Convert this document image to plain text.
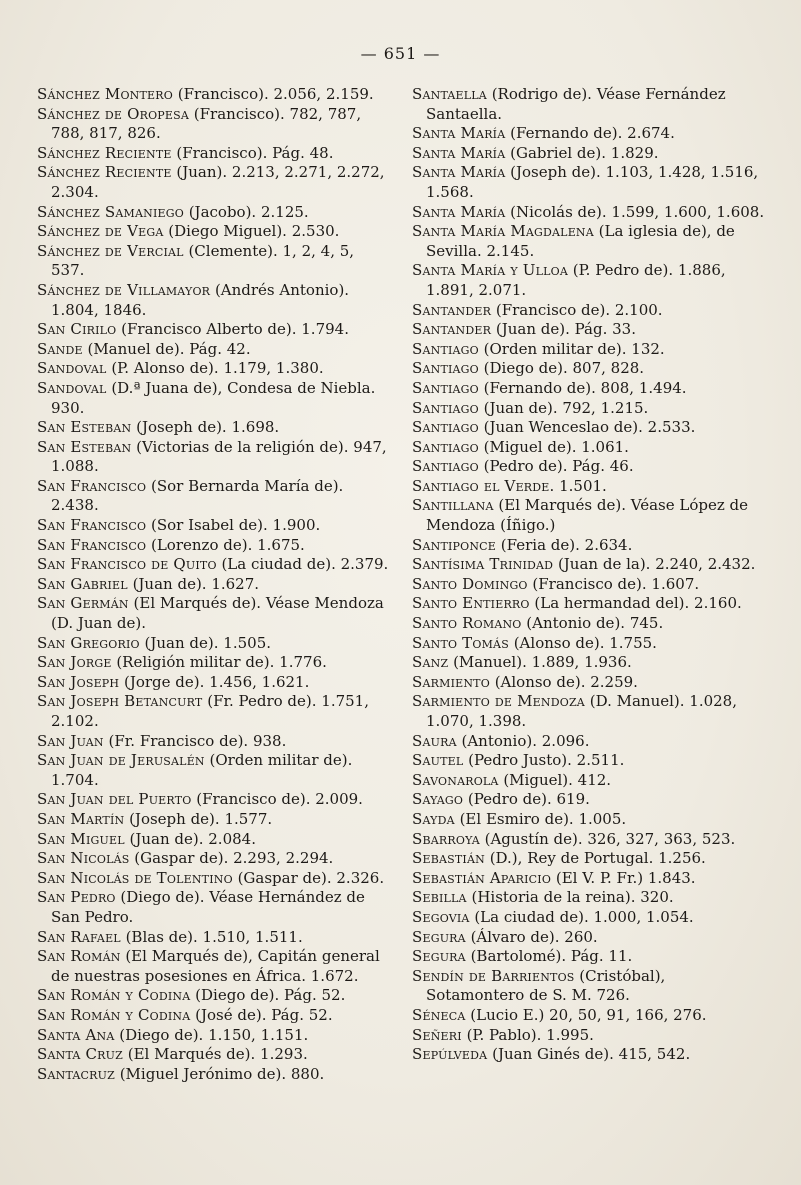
— 651 —

Sánchez Montero (Francisco). 2.056, 2.159.

Sánchez de Oropesa (Francisco). 782, 787, 788, 817, 826.

Sánchez Reciente (Francisco). Pág. 48.

Sánchez Reciente (Juan). 2.213, 2.271, 2.272, 2.304.

Sánchez Samaniego (Jacobo). 2.125.

Sánchez de Vega (Diego Miguel). 2.530.

Sánchez de Vercial (Clemente). 1, 2, 4, 5, 537.

Sánchez de Villamayor (Andrés Antonio). 1.804, 1846.

San Cirilo (Francisco Alberto de). 1.794.

Sande (Manuel de). Pág. 42.

Sandoval (P. Alonso de). 1.179, 1.380.

Sandoval (D.ª Juana de), Condesa de Niebla. 930.

San Esteban (Joseph de). 1.698.

San Esteban (Victorias de la religión de). 947, 1.088.

San Francisco (Sor Bernarda María de). 2.438.

San Francisco (Sor Isabel de). 1.900.

San Francisco (Lorenzo de). 1.675.

San Francisco de Quito (La ciudad de). 2.379.

San Gabriel (Juan de). 1.627.

San Germán (El Marqués de). Véase Mendoza (D. Juan de).

San Gregorio (Juan de). 1.505.

San Jorge (Religión militar de). 1.776.

San Joseph (Jorge de). 1.456, 1.621.

San Joseph Betancurt (Fr. Pedro de). 1.751, 2.102.

San Juan (Fr. Francisco de). 938.

San Juan de Jerusalén (Orden militar de). 1.704.

San Juan del Puerto (Francisco de). 2.009.

San Martín (Joseph de). 1.577.

San Miguel (Juan de). 2.084.

San Nicolás (Gaspar de). 2.293, 2.294.

San Nicolás de Tolentino (Gaspar de). 2.326.

San Pedro (Diego de). Véase Hernández de San Pedro.

San Rafael (Blas de). 1.510, 1.511.

San Román (El Marqués de), Capitán general de nuestras posesiones en África. 1.672.

San Román y Codina (Diego de). Pág. 52.

San Román y Codina (José de). Pág. 52.

Santa Ana (Diego de). 1.150, 1.151.

Santa Cruz (El Marqués de). 1.293.

Santacruz (Miguel Jerónimo de). 880.

Santaella (Rodrigo de). Véase Fernández Santaella.

Santa María (Fernando de). 2.674.

Santa María (Gabriel de). 1.829.

Santa María (Joseph de). 1.103, 1.428, 1.516, 1.568.

Santa María (Nicolás de). 1.599, 1.600, 1.608.

Santa María Magdalena (La iglesia de), de Sevilla. 2.145.

Santa María y Ulloa (P. Pedro de). 1.886, 1.891, 2.071.

Santander (Francisco de). 2.100.

Santander (Juan de). Pág. 33.

Santiago (Orden militar de). 132.

Santiago (Diego de). 807, 828.

Santiago (Fernando de). 808, 1.494.

Santiago (Juan de). 792, 1.215.

Santiago (Juan Wenceslao de). 2.533.

Santiago (Miguel de). 1.061.

Santiago (Pedro de). Pág. 46.

Santiago el Verde. 1.501.

Santillana (El Marqués de). Véase López de Mendoza (Íñigo.)

Santiponce (Feria de). 2.634.

Santísima Trinidad (Juan de la). 2.240, 2.432.

Santo Domingo (Francisco de). 1.607.

Santo Entierro (La hermandad del). 2.160.

Santo Romano (Antonio de). 745.

Santo Tomás (Alonso de). 1.755.

Sanz (Manuel). 1.889, 1.936.

Sarmiento (Alonso de). 2.259.

Sarmiento de Mendoza (D. Manuel). 1.028, 1.070, 1.398.

Saura (Antonio). 2.096.

Sautel (Pedro Justo). 2.511.

Savonarola (Miguel). 412.

Sayago (Pedro de). 619.

Sayda (El Esmiro de). 1.005.

Sbarroya (Agustín de). 326, 327, 363, 523.

Sebastián (D.), Rey de Portugal. 1.256.

Sebastián Aparicio (El V. P. Fr.) 1.843.

Sebilla (Historia de la reina). 320.

Segovia (La ciudad de). 1.000, 1.054.

Segura (Álvaro de). 260.

Segura (Bartolomé). Pág. 11.

Sendín de Barrientos (Cristóbal), Sotamontero de S. M. 726.

Séneca (Lucio E.) 20, 50, 91, 166, 276.

Señeri (P. Pablo). 1.995.

Sepúlveda (Juan Ginés de). 415, 542.
